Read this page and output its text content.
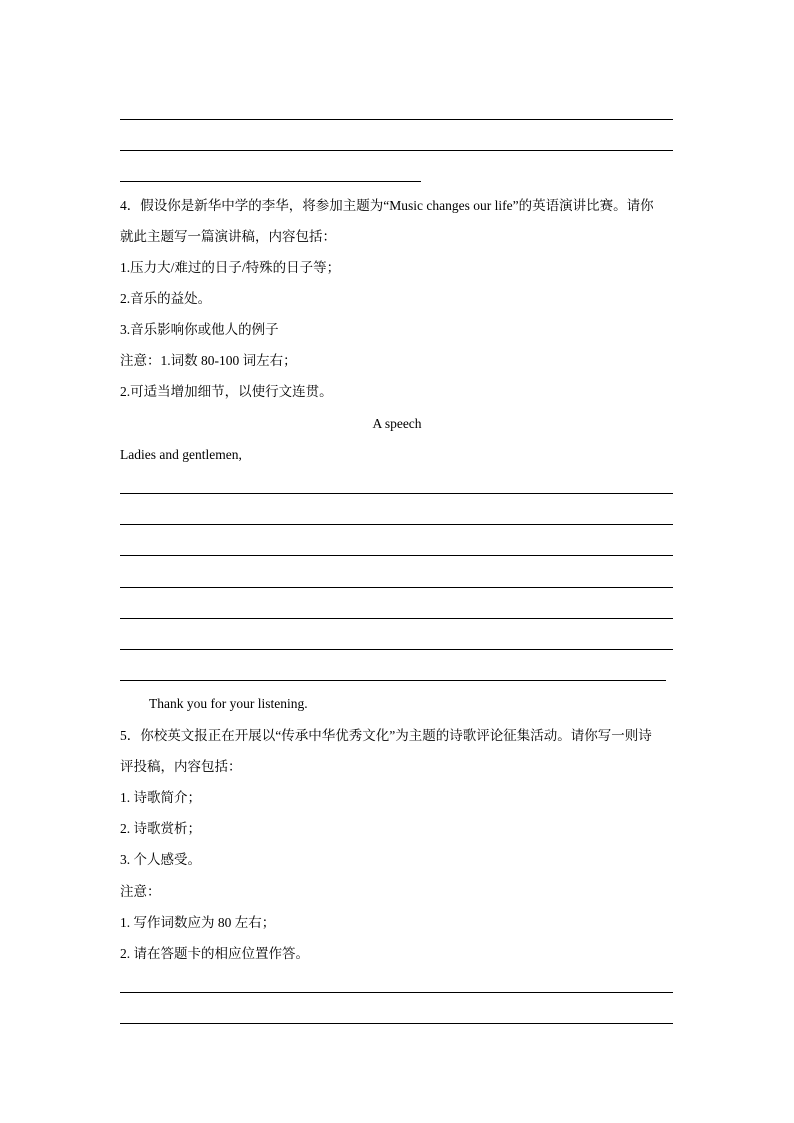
4．假设你是新华中学的李华，将参加主题为“Music changes our life”的英语演讲比赛。请你
就此主题写一篇演讲稿，内容包括：
1.压力大/难过的日子/特殊的日子等；
2.音乐的益处。
3.音乐影响你或他人的例子
注意：1.词数 80-100 词左右；
2.可适当增加细节，以使行文连贯。
A speech
Ladies and gentlemen,
Thank you for your listening.
5．你校英文报正在开展以“传承中华优秀文化”为主题的诗歌评论征集活动。请你写一则诗
评投稿，内容包括：
1. 诗歌简介；
2. 诗歌赏析；
3. 个人感受。
注意：
1. 写作词数应为 80 左右；
2. 请在答题卡的相应位置作答。
